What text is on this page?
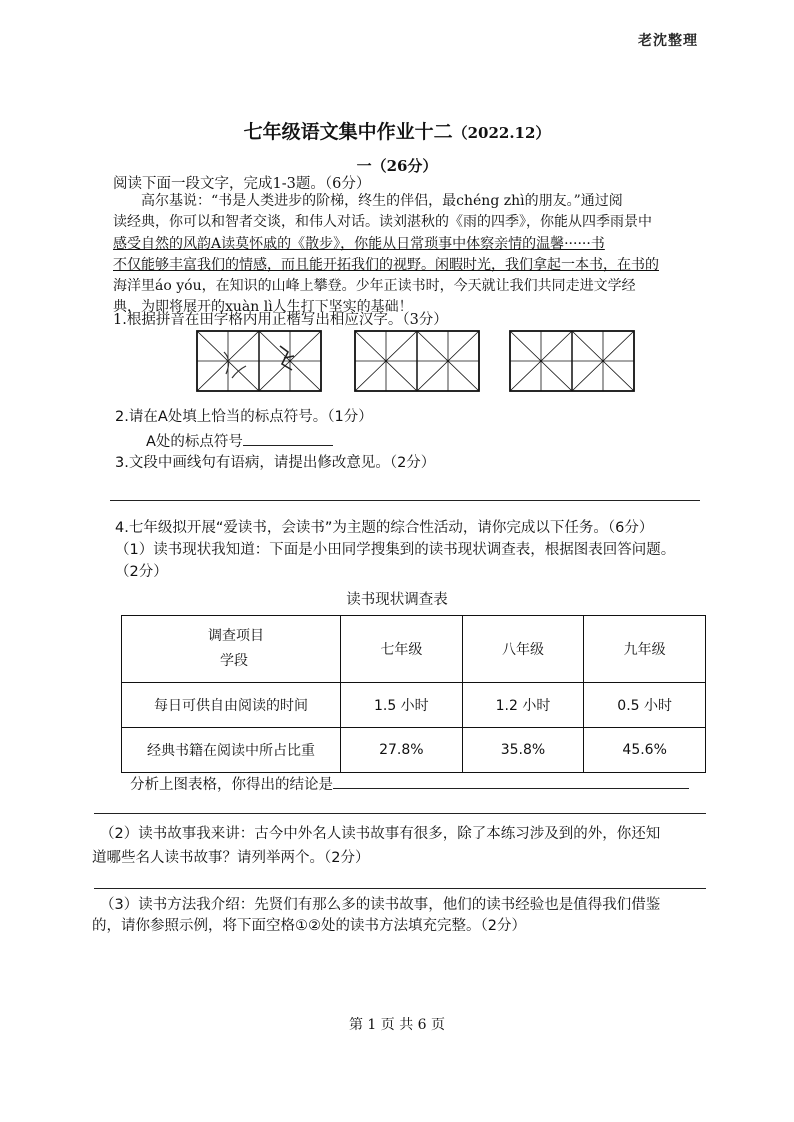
老沈整理
七年级语文集中作业十二（2022.12）
一（26分）
阅读下面一段文字，完成1-3题。（6分）
高尔基说：“书是人类进步的阶梯，终生的伴侣，最chéng zhì的朋友。”通过阅
读经典，你可以和智者交谈，和伟人对话。读刘湛秋的《雨的四季》，你能从四季雨景中
感受自然的风韵A读莫怀戚的《散步》，你能从日常琐事中体察亲情的温馨······书
不仅能够丰富我们的情感，而且能开拓我们的视野。闲暇时光，我们拿起一本书，在书的
海洋里áo yóu，在知识的山峰上攀登。少年正读书时，今天就让我们共同走进文学经
典，为即将展开的xuàn lì人生打下坚实的基础！
1.根据拼音在田字格内用正楷写出相应汉字。（3分）
2.请在A处填上恰当的标点符号。（1分）
A处的标点符号
3.文段中画线句有语病，请提出修改意见。（2分）
4.七年级拟开展“爱读书，会读书”为主题的综合性活动，请你完成以下任务。（6分）
（1）读书现状我知道：下面是小田同学搜集到的读书现状调查表，根据图表回答问题。
（2分）
读书现状调查表
调查项目
学段	七年级	八年级	九年级
每日可供自由阅读的时间	1.5 小时	1.2 小时	0.5 小时
经典书籍在阅读中所占比重	27.8%	35.8%	45.6%
分析上图表格，你得出的结论是
（2）读书故事我来讲：古今中外名人读书故事有很多，除了本练习涉及到的外，你还知
道哪些名人读书故事？请列举两个。（2分）
（3）读书方法我介绍：先贤们有那么多的读书故事，他们的读书经验也是值得我们借鉴
的，请你参照示例，将下面空格①②处的读书方法填充完整。（2分）
第 1 页 共 6 页
